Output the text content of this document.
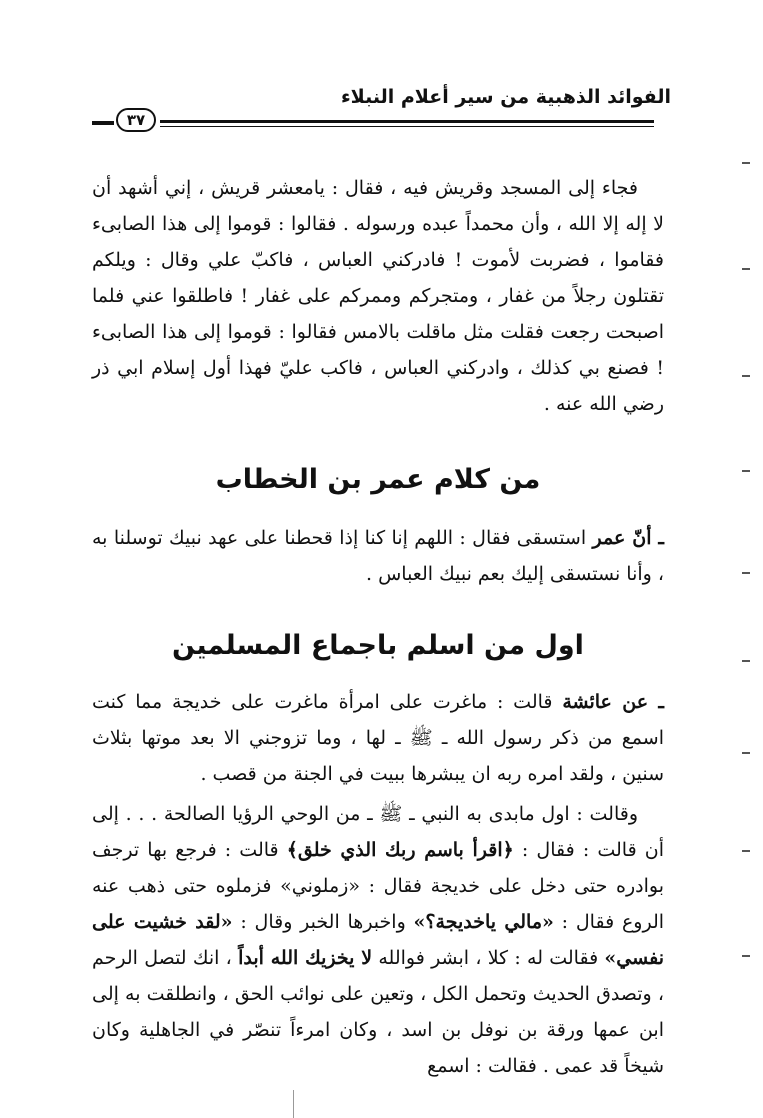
الفوائد الذهبية من سير أعلام النبلاء
٣٧

فجاء إلى المسجد وقريش فيه ، فقال : يامعشر قريش ، إني أشهد أن لا إله إلا الله ، وأن محمداً عبده ورسوله . فقالوا : قوموا إلى هذا الصابىء فقاموا ، فضربت لأموت ! فادركني العباس ، فاكبّ علي وقال : ويلكم تقتلون رجلاً من غفار ، ومتجركم وممركم على غفار ! فاطلقوا عني فلما اصبحت رجعت فقلت مثل ماقلت بالامس فقالوا : قوموا إلى هذا الصابىء ! فصنع بي كذلك ، وادركني العباس ، فاكب عليّ فهذا أول إسلام ابي ذر رضي الله عنه .

من كلام عمر بن الخطاب

ـ أنّ عمر استسقى فقال : اللهم إنا كنا إذا قحطنا على عهد نبيك توسلنا به ، وأنا نستسقى إليك بعم نبيك العباس .

اول من اسلم باجماع المسلمين

ـ عن عائشة قالت : ماغرت على امرأة ماغرت على خديجة مما كنت اسمع من ذكر رسول الله ـ ﷺ ـ لها ، وما تزوجني الا بعد موتها بثلاث سنين ، ولقد امره ربه ان يبشرها ببيت في الجنة من قصب .

وقالت : اول مابدى به النبي ـ ﷺ ـ من الوحي الرؤيا الصالحة . . . إلى أن قالت : فقال : ﴿اقرأ باسم ربك الذي خلق﴾ قالت : فرجع بها ترجف بوادره حتى دخل على خديجة فقال : «زملوني» فزملوه حتى ذهب عنه الروع فقال : «مالي ياخديجة؟» واخبرها الخبر وقال : «لقد خشيت على نفسي» فقالت له : كلا ، ابشر فوالله لا يخزيك الله أبداً ، انك لتصل الرحم ، وتصدق الحديث وتحمل الكل ، وتعين على نوائب الحق ، وانطلقت به إلى ابن عمها ورقة بن نوفل بن اسد ، وكان امرءاً تنصّر في الجاهلية وكان شيخاً قد عمى . فقالت : اسمع
